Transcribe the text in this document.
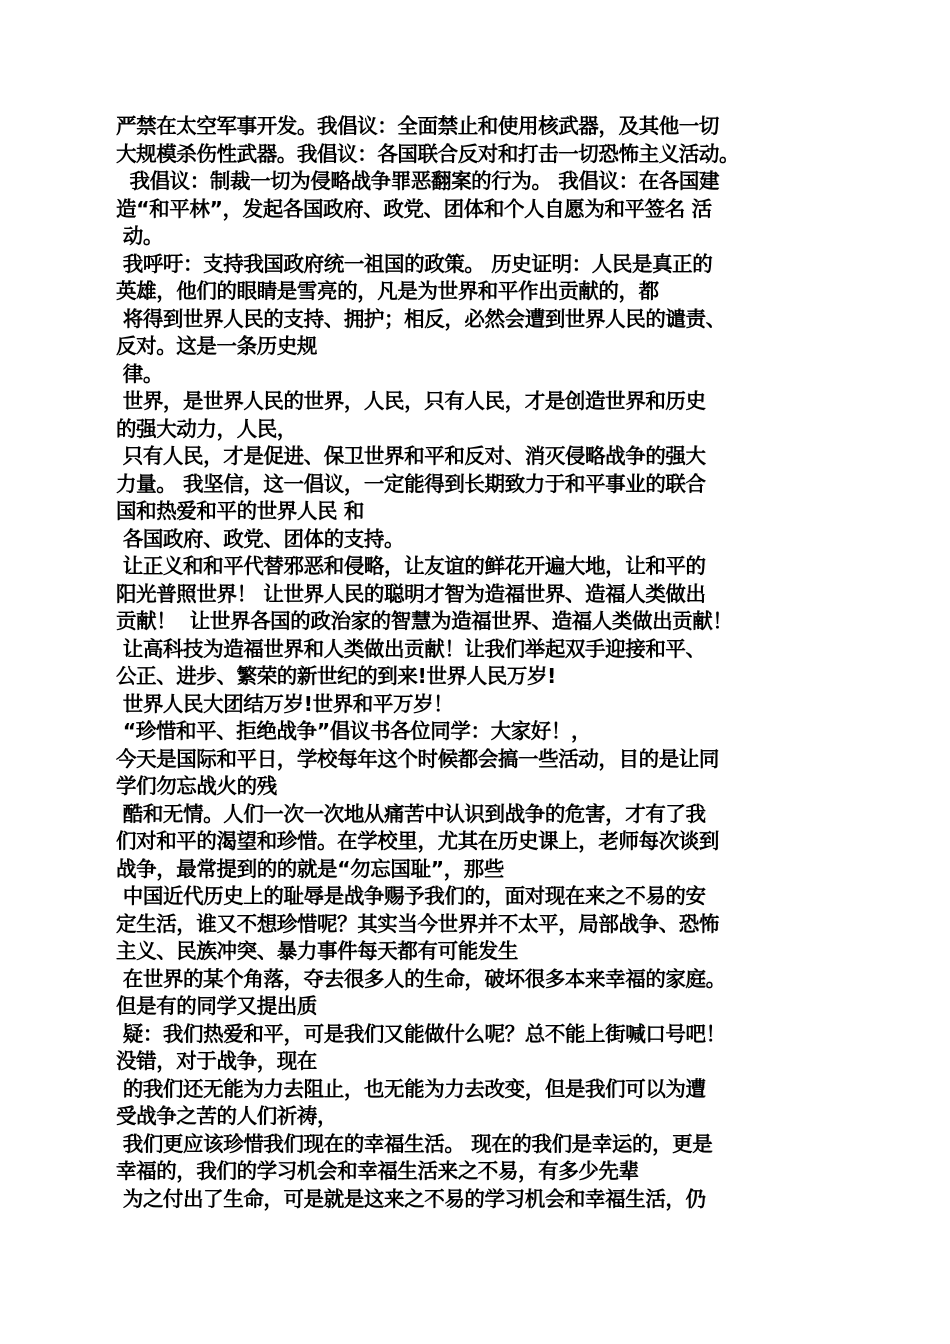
严禁在太空军事开发。我倡议：全面禁止和使用核武器，及其他一切
大规模杀伤性武器。我倡议：各国联合反对和打击一切恐怖主义活动。
我倡议：制裁一切为侵略战争罪恶翻案的行为。 我倡议：在各国建
造“和平林”，发起各国政府、政党、团体和个人自愿为和平签名 活
动。
我呼吁：支持我国政府统一祖国的政策。 历史证明：人民是真正的
英雄，他们的眼睛是雪亮的，凡是为世界和平作出贡献的，都
将得到世界人民的支持、拥护；相反，必然会遭到世界人民的谴责、
反对。这是一条历史规
律。
世界，是世界人民的世界，人民，只有人民，才是创造世界和历史
的强大动力，人民，
只有人民，才是促进、保卫世界和平和反对、消灭侵略战争的强大
力量。 我坚信，这一倡议，一定能得到长期致力于和平事业的联合
国和热爱和平的世界人民 和
各国政府、政党、团体的支持。
让正义和和平代替邪恶和侵略，让友谊的鲜花开遍大地，让和平的
阳光普照世界！ 让世界人民的聪明才智为造福世界、造福人类做出
贡献！  让世界各国的政治家的智慧为造福世界、造福人类做出贡献！
让高科技为造福世界和人类做出贡献！让我们举起双手迎接和平、
公正、进步、繁荣的新世纪的到来!世界人民万岁!
世界人民大团结万岁!世界和平万岁！
“珍惜和平、拒绝战争”倡议书各位同学：大家好！，
今天是国际和平日，学校每年这个时候都会搞一些活动，目的是让同
学们勿忘战火的残
酷和无情。人们一次一次地从痛苦中认识到战争的危害，才有了我
们对和平的渴望和珍惜。在学校里，尤其在历史课上，老师每次谈到
战争，最常提到的的就是“勿忘国耻”，那些
中国近代历史上的耻辱是战争赐予我们的，面对现在来之不易的安
定生活，谁又不想珍惜呢？其实当今世界并不太平，局部战争、恐怖
主义、民族冲突、暴力事件每天都有可能发生
在世界的某个角落，夺去很多人的生命，破坏很多本来幸福的家庭。
但是有的同学又提出质
疑：我们热爱和平，可是我们又能做什么呢？总不能上街喊口号吧！
没错，对于战争，现在
的我们还无能为力去阻止，也无能为力去改变，但是我们可以为遭
受战争之苦的人们祈祷，
我们更应该珍惜我们现在的幸福生活。 现在的我们是幸运的，更是
幸福的，我们的学习机会和幸福生活来之不易，有多少先辈
为之付出了生命，可是就是这来之不易的学习机会和幸福生活，仍
